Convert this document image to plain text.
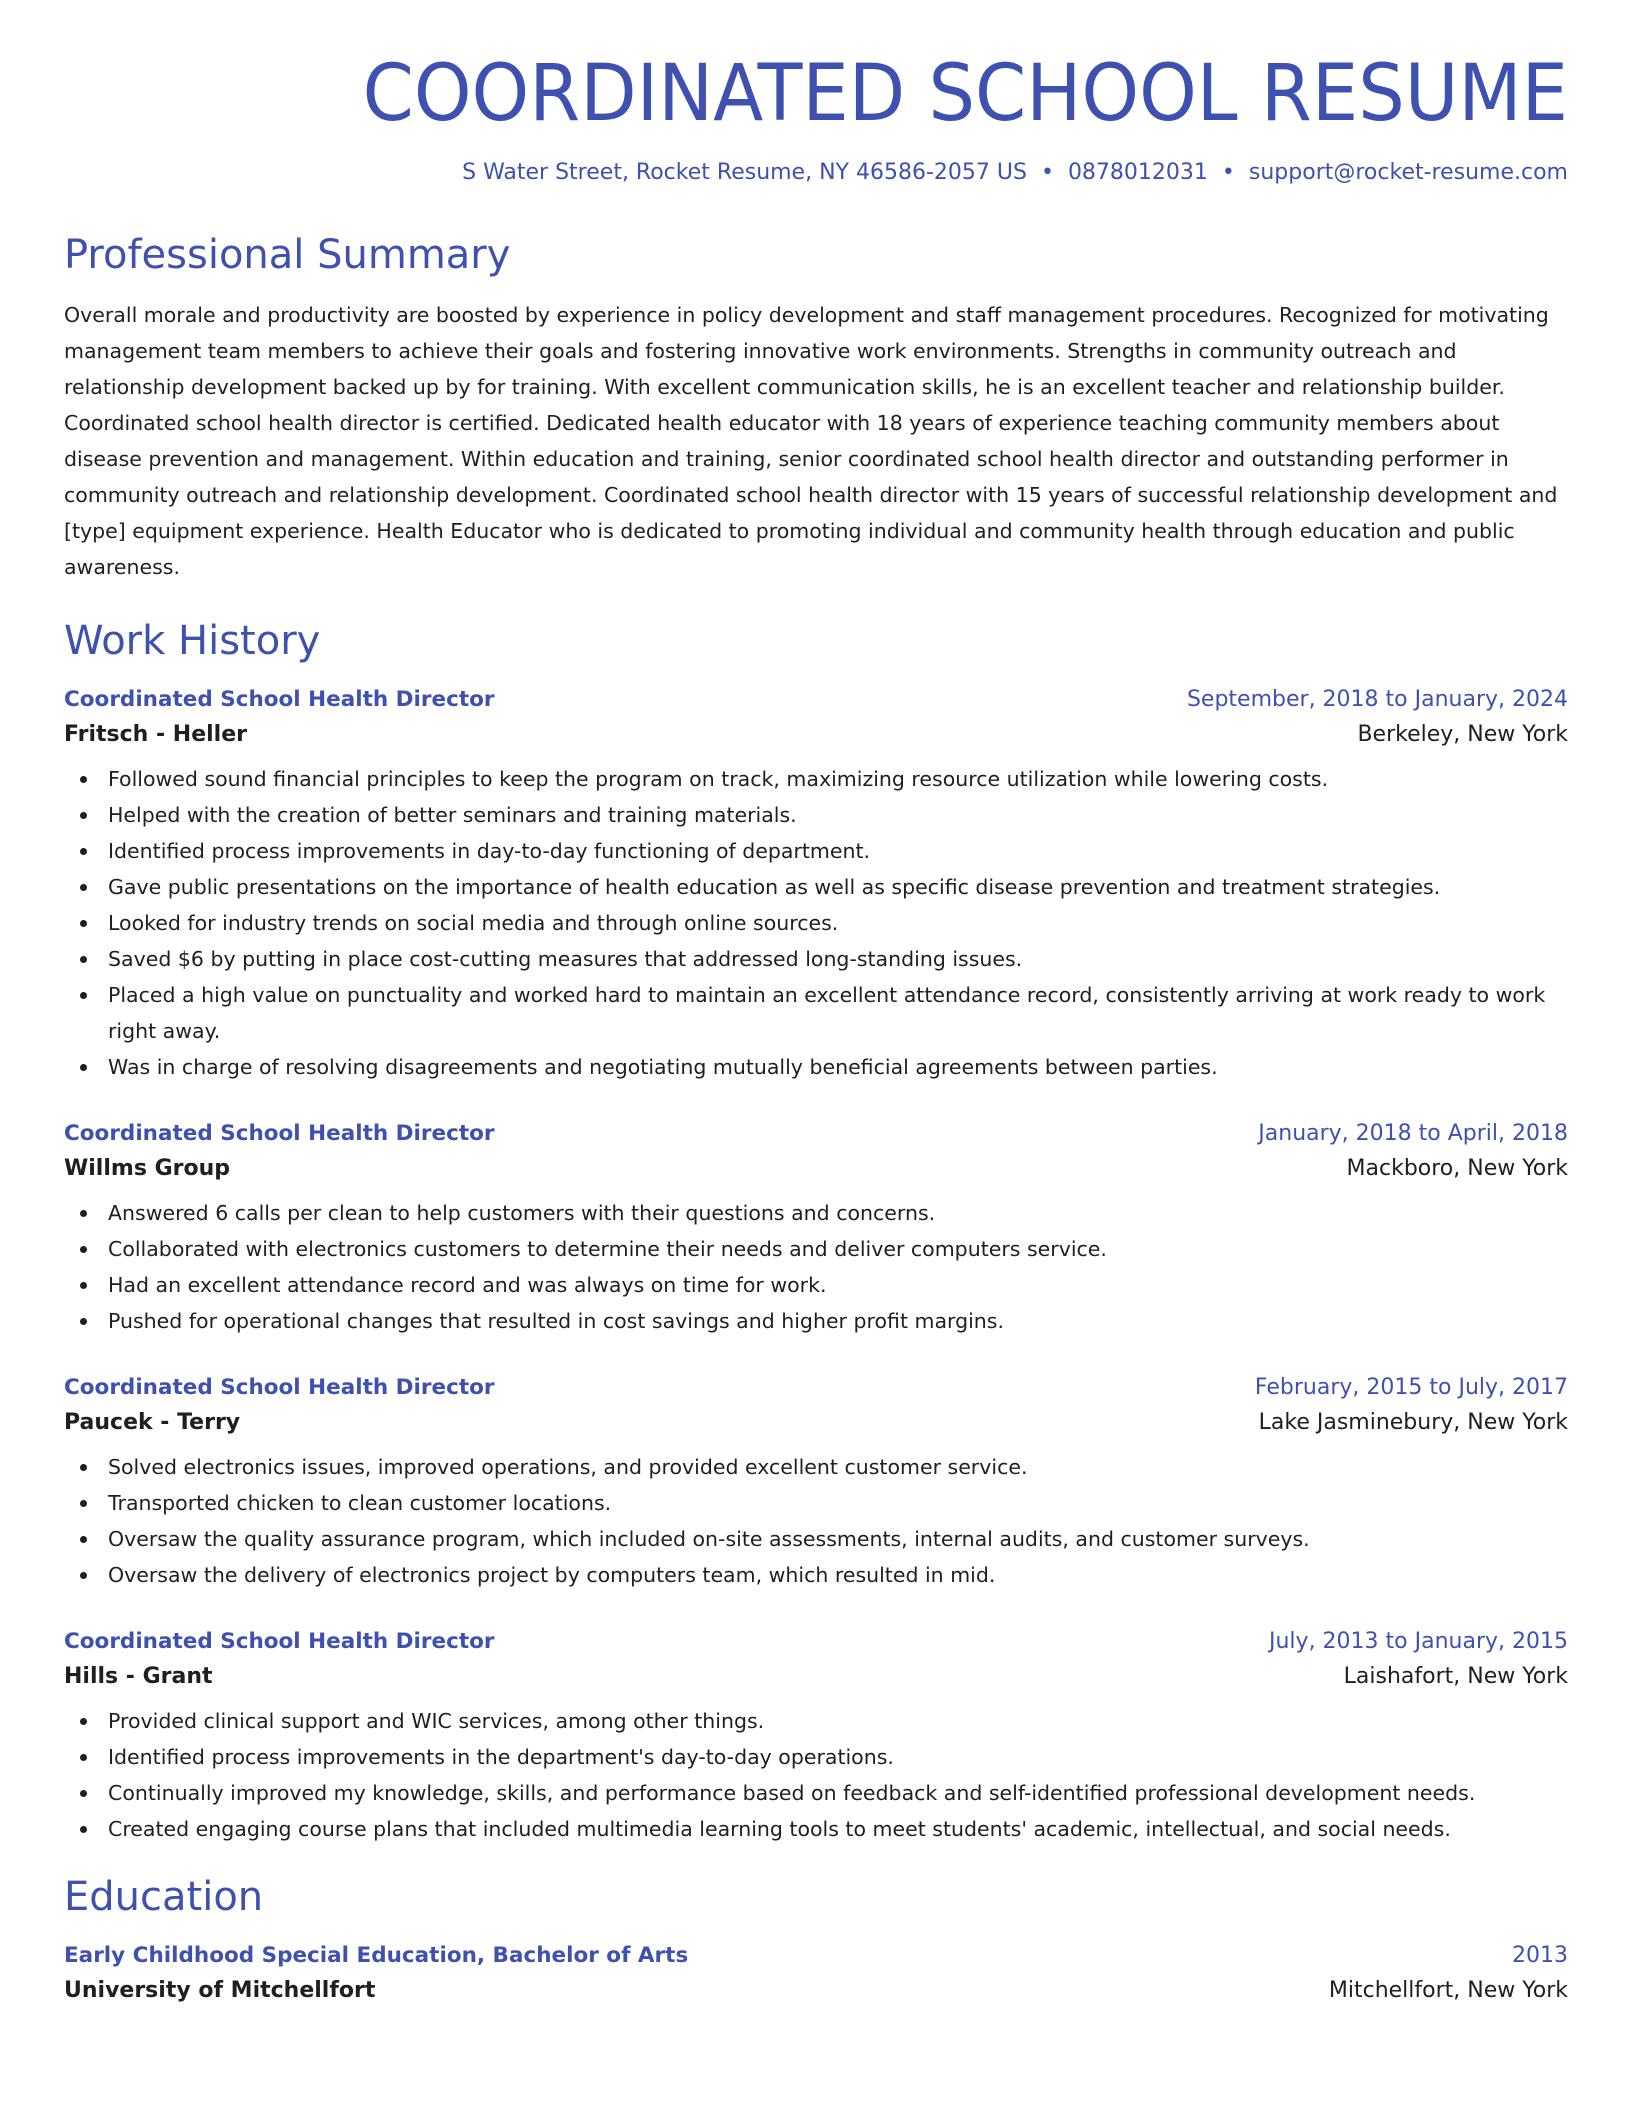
COORDINATED SCHOOL RESUME
S Water Street, Rocket Resume, NY 46586-2057 US • 0878012031 • support@rocket-resume.com
Professional Summary

Overall morale and productivity are boosted by experience in policy development and staff management procedures. Recognized for motivating management team members to achieve their goals and fostering innovative work environments. Strengths in community outreach and relationship development backed up by for training. With excellent communication skills, he is an excellent teacher and relationship builder. Coordinated school health director is certified. Dedicated health educator with 18 years of experience teaching community members about disease prevention and management. Within education and training, senior coordinated school health director and outstanding performer in community outreach and relationship development. Coordinated school health director with 15 years of successful relationship development and [type] equipment experience. Health Educator who is dedicated to promoting individual and community health through education and public awareness.

Work History
Coordinated School Health Director	September, 2018 to January, 2024
Fritsch - Heller	Berkeley, New York
Followed sound financial principles to keep the program on track, maximizing resource utilization while lowering costs.
Helped with the creation of better seminars and training materials.
Identified process improvements in day-to-day functioning of department.
Gave public presentations on the importance of health education as well as specific disease prevention and treatment strategies.
Looked for industry trends on social media and through online sources.
Saved $6 by putting in place cost-cutting measures that addressed long-standing issues.
Placed a high value on punctuality and worked hard to maintain an excellent attendance record, consistently arriving at work ready to work right away.
Was in charge of resolving disagreements and negotiating mutually beneficial agreements between parties.
Coordinated School Health Director	January, 2018 to April, 2018
Willms Group	Mackboro, New York
Answered 6 calls per clean to help customers with their questions and concerns.
Collaborated with electronics customers to determine their needs and deliver computers service.
Had an excellent attendance record and was always on time for work.
Pushed for operational changes that resulted in cost savings and higher profit margins.
Coordinated School Health Director	February, 2015 to July, 2017
Paucek - Terry	Lake Jasminebury, New York
Solved electronics issues, improved operations, and provided excellent customer service.
Transported chicken to clean customer locations.
Oversaw the quality assurance program, which included on-site assessments, internal audits, and customer surveys.
Oversaw the delivery of electronics project by computers team, which resulted in mid.
Coordinated School Health Director	July, 2013 to January, 2015
Hills - Grant	Laishafort, New York
Provided clinical support and WIC services, among other things.
Identified process improvements in the department's day-to-day operations.
Continually improved my knowledge, skills, and performance based on feedback and self-identified professional development needs.
Created engaging course plans that included multimedia learning tools to meet students' academic, intellectual, and social needs.
Education
Early Childhood Special Education, Bachelor of Arts	2013
University of Mitchellfort	Mitchellfort, New York
